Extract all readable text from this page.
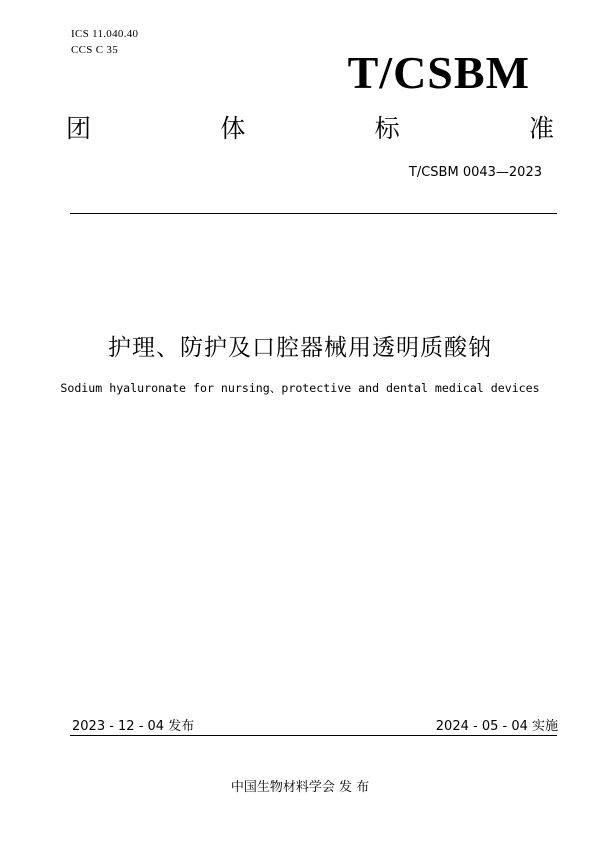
ICS 11.040.40
CCS C 35	T/CSBM
团	体	标	准
T/CSBM 0043—2023
护理、防护及口腔器械用透明质酸钠
Sodium hyaluronate for nursing、protective and dental medical devices
2023 - 12 - 04 发布	2024 - 05 - 04 实施
中国生物材料学会 发 布
